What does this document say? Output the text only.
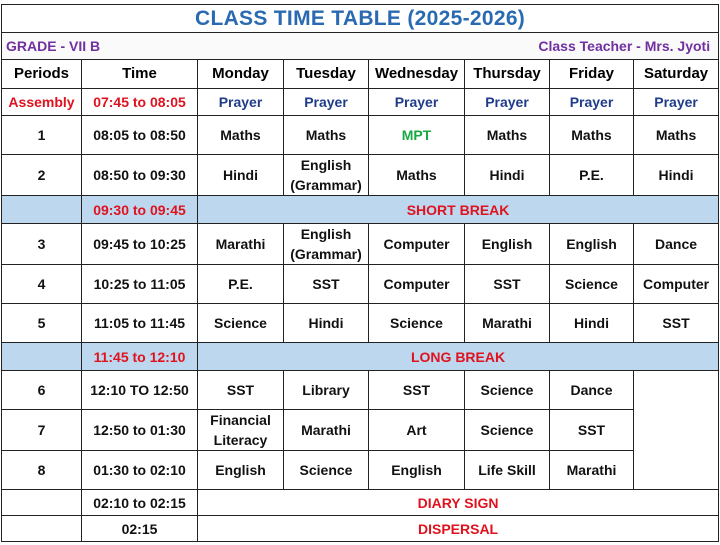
CLASS TIME TABLE (2025-2026)							
GRADE - VII B			Class Teacher - Mrs. Jyoti				
Periods	Time	Monday	Tuesday	Wednesday	Thursday	Friday	Saturday
Assembly	07:45 to 08:05	Prayer	Prayer	Prayer	Prayer	Prayer	Prayer
1	08:05 to 08:50	Maths	Maths	MPT	Maths	Maths	Maths
2	08:50 to 09:30	Hindi	English (Grammar)	Maths	Hindi	P.E.	Hindi
	09:30 to 09:45	SHORT BREAK					
3	09:45 to 10:25	Marathi	English (Grammar)	Computer	English	English	Dance
4	10:25 to 11:05	P.E.	SST	Computer	SST	Science	Computer
5	11:05 to 11:45	Science	Hindi	Science	Marathi	Hindi	SST
	11:45 to 12:10	LONG BREAK					
6	12:10 TO 12:50	SST	Library	SST	Science	Dance	
7	12:50 to 01:30	Financial Literacy	Marathi	Art	Science	SST	
8	01:30 to 02:10	English	Science	English	Life Skill	Marathi	
	02:10 to 02:15	DIARY SIGN					
	02:15	DISPERSAL					
